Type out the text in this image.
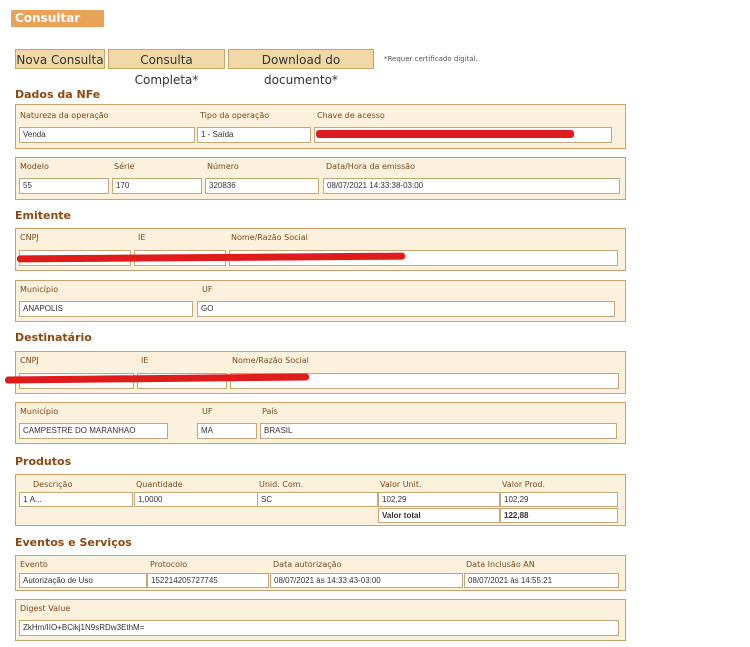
Consultar NF-e
Nova Consulta	Consulta Completa*
Download do documento*
*Requer certificado digital.
Dados da NFe
Natureza da operação
Venda
Tipo da operação
1 - Saída
Chave de acesso
Modelo
55
Série
170
Número
320836
Data/Hora da emissão
08/07/2021 14:33:38-03:00
Emitente
CNPJ	IE	Nome/Razão Social
Município
ANAPOLIS
UF
GO
Destinatário
CNPJ	IE	Nome/Razão Social
Município
CAMPESTRE DO MARANHAO
UF
MA
País
BRASIL
Produtos
Descrição	Quantidade	Unid. Com.	Valor Unit.	Valor Prod.
1 A...	1,0000	SC	102,29	102,29
Valor total	122,88
Eventos e Serviços
Evento	Protocolo	Data autorização	Data Inclusão AN
Autorização de Uso	152214205727745	08/07/2021 às 14:33:43-03:00	08/07/2021 às 14:55:21
Digest Value
ZkHm/IIO+BCikj1N9sRDw3EthM=
